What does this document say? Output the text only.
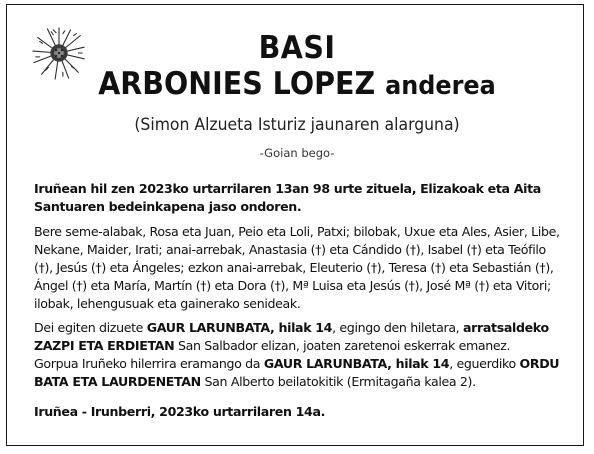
BASI
ARBONIES LOPEZ anderea
(Simon Alzueta Isturiz jaunaren alarguna)
-Goian bego-

Iruñean hil zen 2023ko urtarrilaren 13an 98 urte zituela, Elizakoak eta Aita Santuaren bedeinkapena jaso ondoren.

Bere seme-alabak, Rosa eta Juan, Peio eta Loli, Patxi; bilobak, Uxue eta Ales, Asier, Libe, Nekane, Maider, Irati; anai-arrebak, Anastasia (†) eta Cándido (†), Isabel (†) eta Teófilo (†), Jesús (†) eta Ángeles; ezkon anai-arrebak, Eleuterio (†), Teresa (†) eta Sebastián (†), Ángel (†) eta María, Martín (†) eta Dora (†), Mª Luisa eta Jesús (†), José Mª (†) eta Vitori; ilobak, lehengusuak eta gainerako senideak.

Dei egiten dizuete GAUR LARUNBATA, hilak 14, egingo den hiletara, arratsaldeko ZAZPI ETA ERDIETAN San Salbador elizan, joaten zaretenoi eskerrak emanez.
Gorpua Iruñeko hilerrira eramango da GAUR LARUNBATA, hilak 14, eguerdiko ORDU BATA ETA LAURDENETAN San Alberto beilatokitik (Ermitagaña kalea 2).

Iruñea - Irunberri, 2023ko urtarrilaren 14a.
